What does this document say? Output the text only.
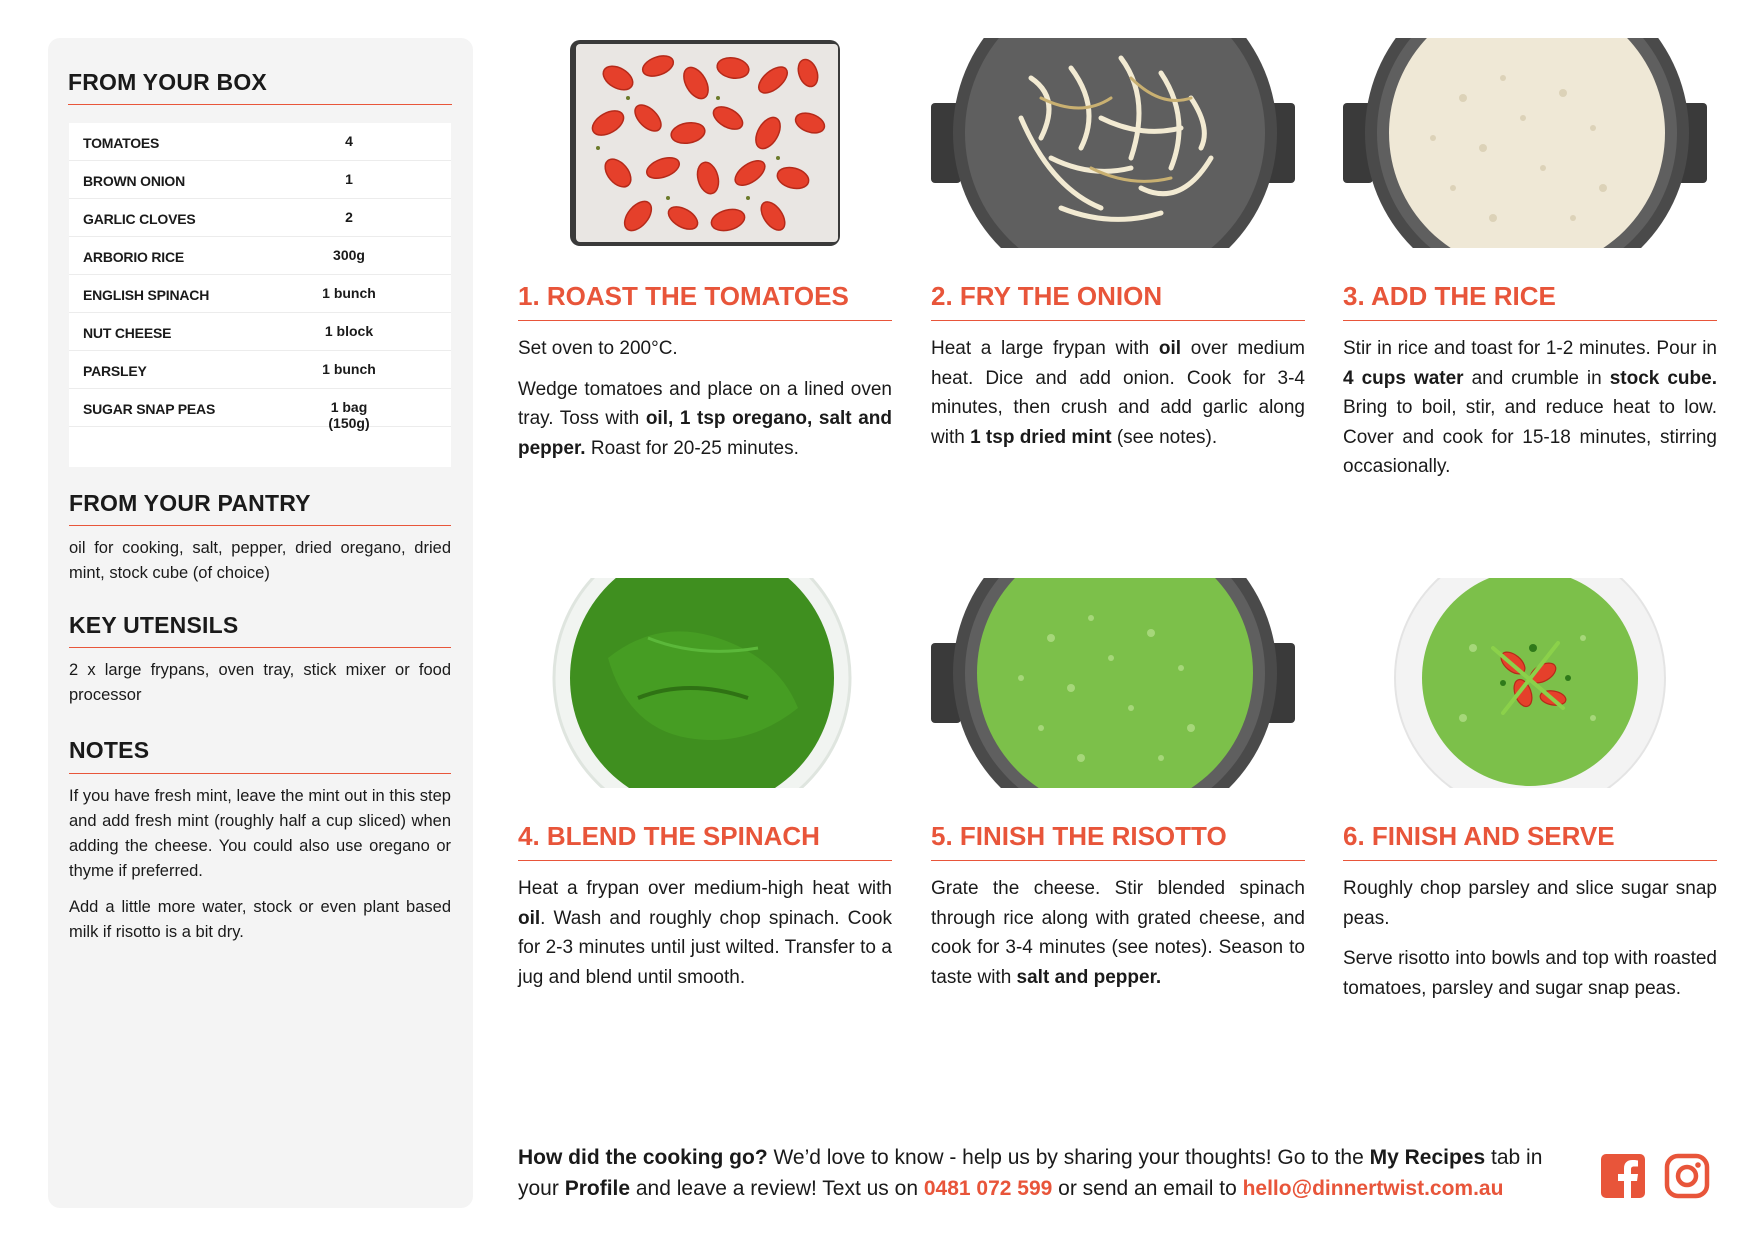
FROM YOUR BOX
TOMATOES	4
BROWN ONION	1
GARLIC CLOVES	2
ARBORIO RICE	300g
ENGLISH SPINACH	1 bunch
NUT CHEESE	1 block
PARSLEY	1 bunch
SUGAR SNAP PEAS	1 bag (150g)
FROM YOUR PANTRY
oil for cooking, salt, pepper, dried oregano, dried mint, stock cube (of choice)
KEY UTENSILS
2 x large frypans, oven tray, stick mixer or food processor
NOTES

If you have fresh mint, leave the mint out in this step and add fresh mint (roughly half a cup sliced) when adding the cheese. You could also use oregano or thyme if preferred.

Add a little more water, stock or even plant based milk if risotto is a bit dry.

1. ROAST THE TOMATOES

Set oven to 200°C.

Wedge tomatoes and place on a lined oven tray. Toss with oil, 1 tsp oregano, salt and pepper. Roast for 20-25 minutes.

2. FRY THE ONION

Heat a large frypan with oil over medium heat. Dice and add onion. Cook for 3-4 minutes, then crush and add garlic along with 1 tsp dried mint (see notes).

3. ADD THE RICE

Stir in rice and toast for 1-2 minutes. Pour in 4 cups water and crumble in stock cube. Bring to boil, stir, and reduce heat to low. Cover and cook for 15-18 minutes, stirring occasionally.

4. BLEND THE SPINACH

Heat a frypan over medium-high heat with oil. Wash and roughly chop spinach. Cook for 2-3 minutes until just wilted. Transfer to a jug and blend until smooth.

5. FINISH THE RISOTTO

Grate the cheese. Stir blended spinach through rice along with grated cheese, and cook for 3-4 minutes (see notes). Season to taste with salt and pepper.

6. FINISH AND SERVE

Roughly chop parsley and slice sugar snap peas.

Serve risotto into bowls and top with roasted tomatoes, parsley and sugar snap peas.

How did the cooking go? We’d love to know - help us by sharing your thoughts! Go to the My Recipes tab in your Profile and leave a review! Text us on 0481 072 599 or send an email to hello@dinnertwist.com.au
